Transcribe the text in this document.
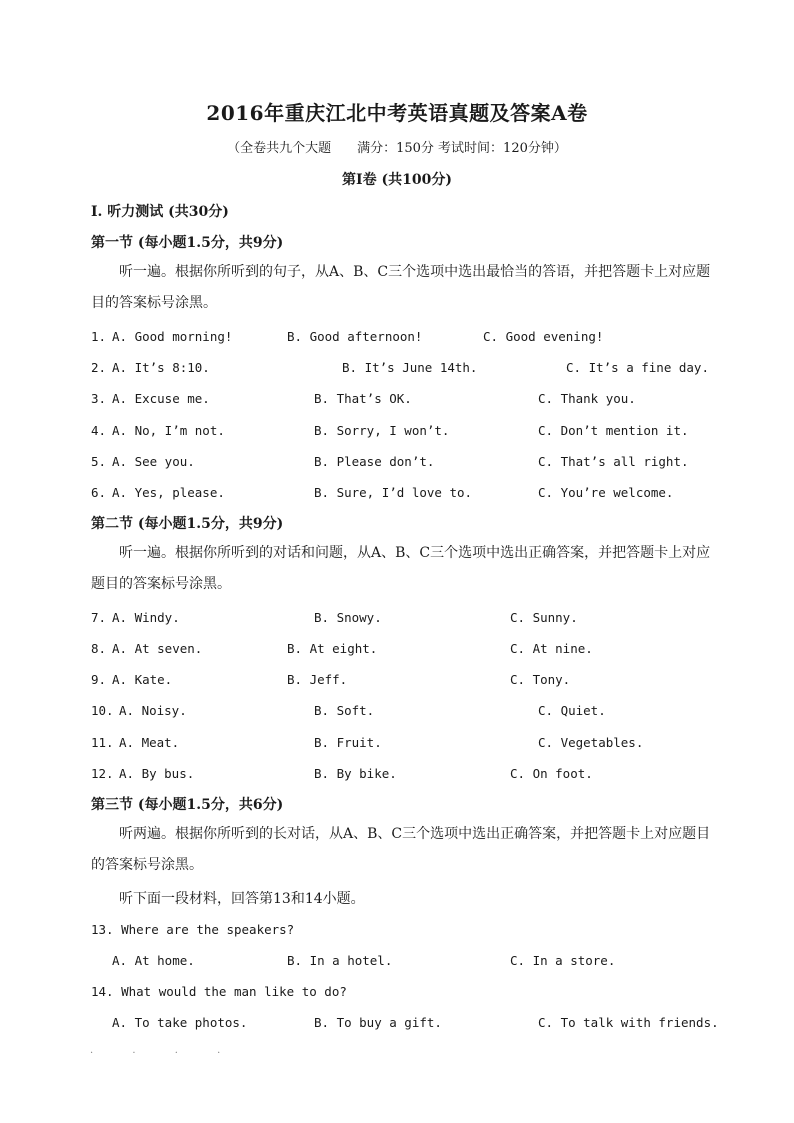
2016年重庆江北中考英语真题及答案A卷
（全卷共九个大题　　满分：150分 考试时间：120分钟）
第I卷 (共100分)
I. 听力测试 (共30分)
第一节 (每小题1.5分，共9分)
听一遍。根据你所听到的句子，从A、B、C三个选项中选出最恰当的答语，并把答题卡上对应题目的答案标号涂黑。
1. A. Good morning!	B. Good afternoon!	C. Good evening!
2. A. It’s 8:10.	B. It’s June 14th.	C. It’s a fine day.
3. A. Excuse me.	B. That’s OK.	C. Thank you.
4. A. No, I’m not.	B. Sorry, I won’t.	C. Don’t mention it.
5. A. See you.	B. Please don’t.	C. That’s all right.
6. A. Yes, please.	B. Sure, I’d love to.	C. You’re welcome.
第二节 (每小题1.5分，共9分)
听一遍。根据你所听到的对话和问题，从A、B、C三个选项中选出正确答案，并把答题卡上对应题目的答案标号涂黑。
7. A. Windy.	B. Snowy.	C. Sunny.
8. A. At seven.	B. At eight.	C. At nine.
9. A. Kate.	B. Jeff.	C. Tony.
10. A. Noisy.	B. Soft.	C. Quiet.
11. A. Meat.	B. Fruit.	C. Vegetables.
12. A. By bus.	B. By bike.	C. On foot.
第三节 (每小题1.5分，共6分)
听两遍。根据你所听到的长对话，从A、B、C三个选项中选出正确答案，并把答题卡上对应题目的答案标号涂黑。
听下面一段材料，回答第13和14小题。
13. Where are the speakers?
A. At home.	B. In a hotel.	C. In a store.
14. What would the man like to do?
A. To take photos.	B. To buy a gift.	C. To talk with friends.
· · · ·
